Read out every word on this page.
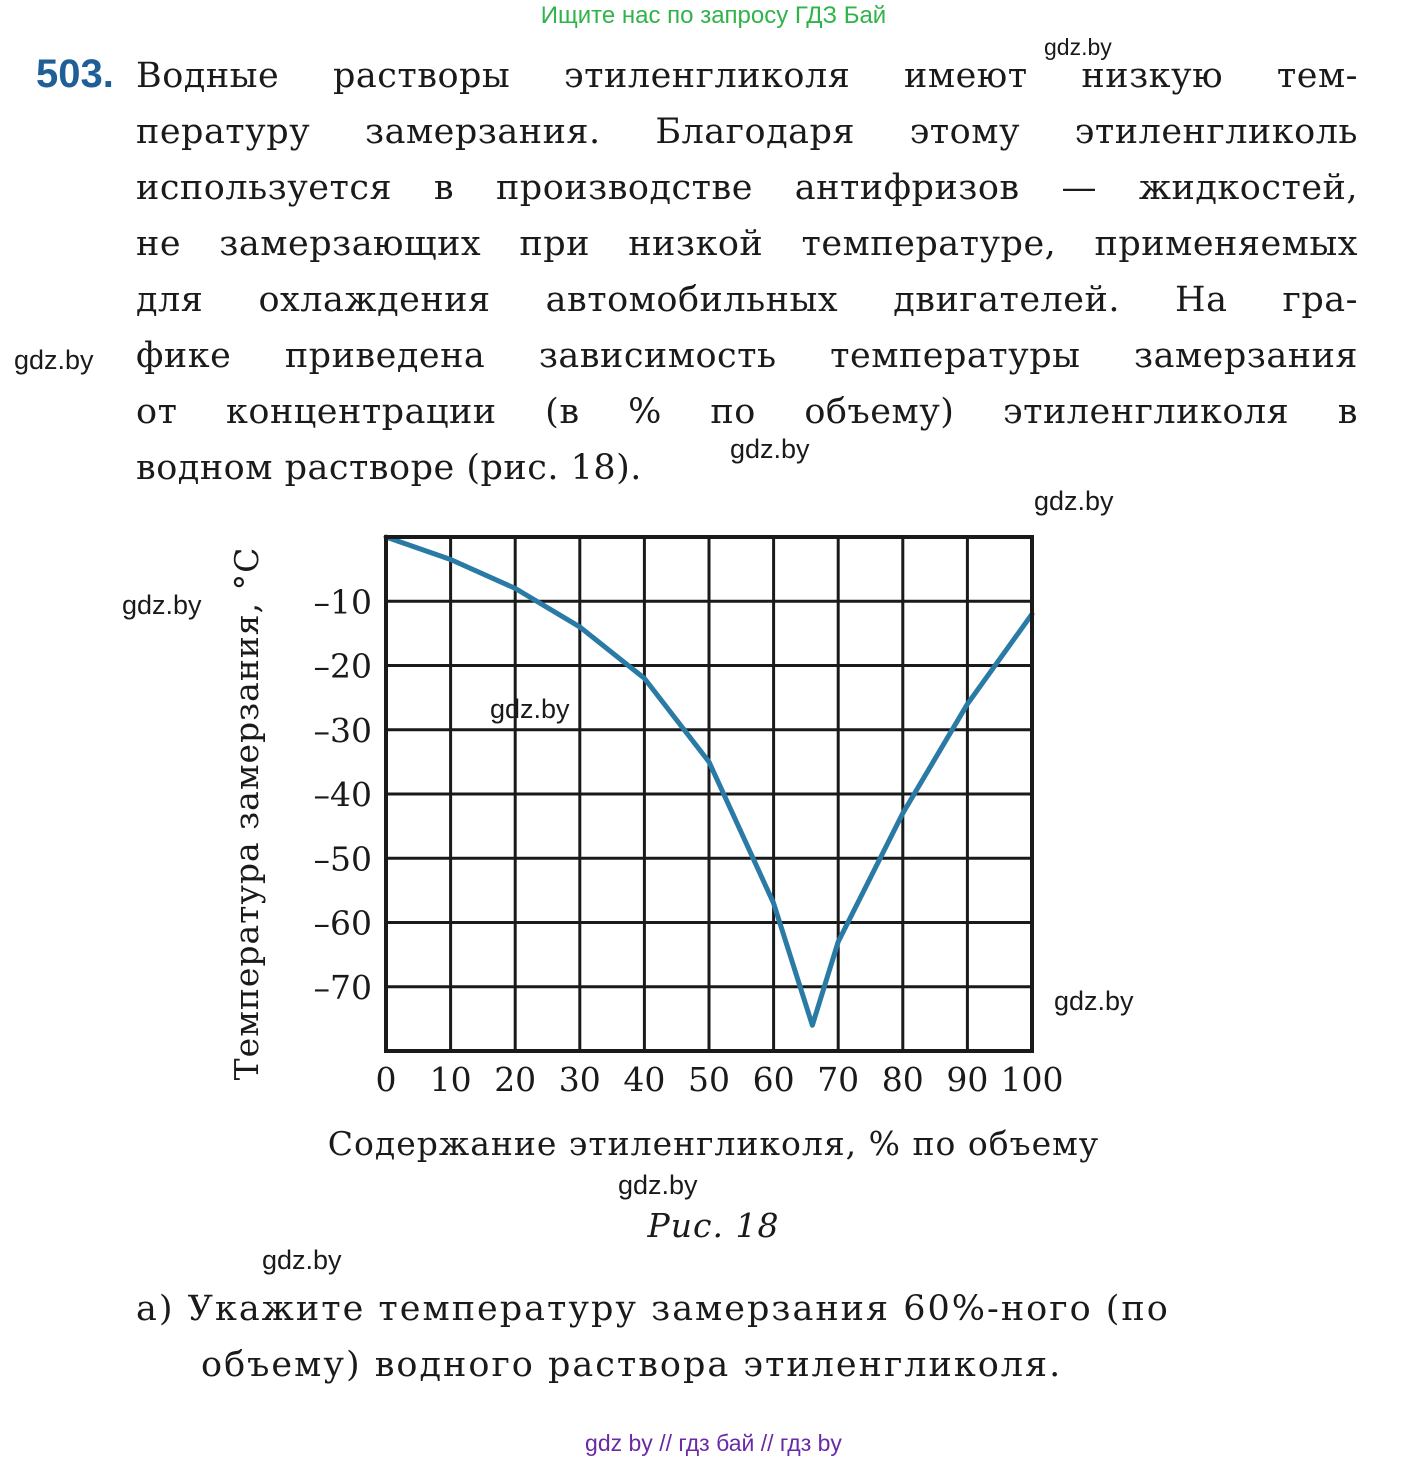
Ищите нас по запросу ГДЗ Бай
gdz.by
gdz.by
gdz.by
gdz.by
gdz.by
gdz.by
gdz.by
gdz.by
gdz.by
503. Водные растворы этиленгликоля имеют низкую тем-
пературу замерзания. Благодаря этому этиленгликоль
используется в производстве антифризов — жидкостей,
не замерзающих при низкой температуре, применяемых
для охлаждения автомобильных двигателей. На гра-
фике приведена зависимость температуры замерзания
от концентрации (в % по объему) этиленгликоля в
водном растворе (рис. 18).
0 10 20 30 40 50 60 70 80 90 100
–10
–20
–30
–40
–50
–60
–70
Температура замерзания, °С
Содержание этиленгликоля, % по объему
Рис. 18
а) Укажите температуру замерзания 60%-ного (по
объему) водного раствора этиленгликоля.
gdz by // гдз бай // гдз by
